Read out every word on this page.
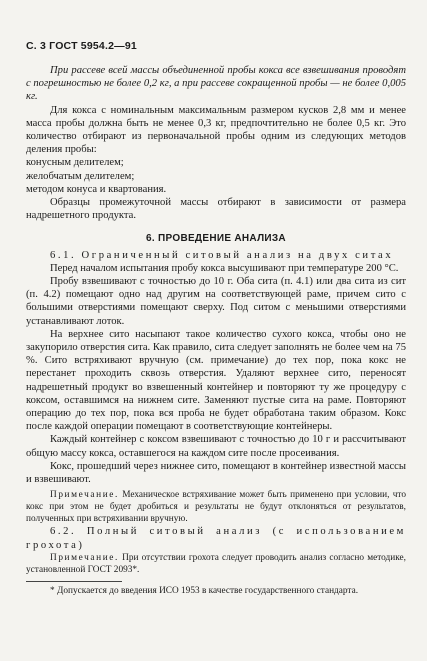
С. 3 ГОСТ 5954.2—91

При рассеве всей массы объединенной пробы кокса все взвешивания проводят с погрешностью не более 0,2 кг, а при рассеве сокращенной пробы — не более 0,005 кг.

Для кокса с номинальным максимальным размером кусков 2,8 мм и менее масса пробы должна быть не менее 0,3 кг, предпочтительно не более 0,5 кг. Это количество отбирают из первоначальной пробы одним из следующих методов деления пробы:

конусным делителем;

желобчатым делителем;

методом конуса и квартования.

Образцы промежуточной массы отбирают в зависимости от размера надрешетного продукта.

6. ПРОВЕДЕНИЕ АНАЛИЗА

6.1. Ограниченный ситовый анализ на двух ситах

Перед началом испытания пробу кокса высушивают при температуре 200 °С.

Пробу взвешивают с точностью до 10 г. Оба сита (п. 4.1) или два сита из сит (п. 4.2) помещают одно над другим на соответствующей раме, причем сито с большими отверстиями помещают сверху. Под ситом с меньшими отверстиями устанавливают лоток.

На верхнее сито насыпают такое количество сухого кокса, чтобы оно не закупорило отверстия сита. Как правило, сита следует заполнять не более чем на 75 %. Сито встряхивают вручную (см. примечание) до тех пор, пока кокс не перестанет проходить сквозь отверстия. Удаляют верхнее сито, переносят надрешетный продукт во взвешенный контейнер и повторяют ту же процедуру с коксом, оставшимся на нижнем сите. Заменяют пустые сита на раме. Повторяют операцию до тех пор, пока вся проба не будет обработана таким образом. Кокс после каждой операции помещают в соответствующие контейнеры.

Каждый контейнер с коксом взвешивают с точностью до 10 г и рассчитывают общую массу кокса, оставшегося на каждом сите после просеивания.

Кокс, прошедший через нижнее сито, помещают в контейнер известной массы и взвешивают.

Примечание. Механическое встряхивание может быть применено при условии, что кокс при этом не будет дробиться и результаты не будут отклоняться от результатов, полученных при встряхивании вручную.

6.2. Полный ситовый анализ (с использованием грохота)

Примечание. При отсутствии грохота следует проводить анализ согласно методике, установленной ГОСТ 2093*.

* Допускается до введения ИСО 1953 в качестве государственного стандарта.
